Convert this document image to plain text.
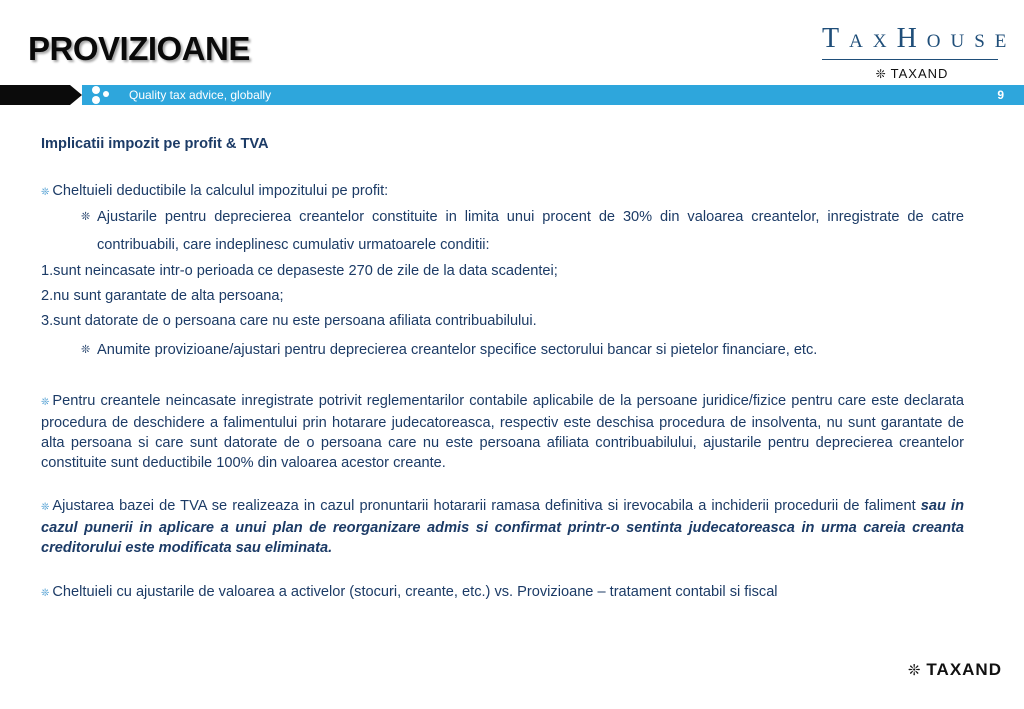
PROVIZIOANE	TAXHOUSE
❊ TAXAND
Quality tax advice, globally	9
Implicatii impozit pe profit & TVA
❊ Cheltuieli deductibile la calculul impozitului pe profit:
❊ Ajustarile pentru deprecierea creantelor constituite in limita unui procent de 30% din valoarea creantelor, inregistrate de catre contribuabili, care indeplinesc cumulativ urmatoarele conditii:
1.sunt neincasate intr-o perioada ce depaseste 270 de zile de la data scadentei;
2.nu sunt garantate de alta persoana;
3.sunt datorate de o persoana care nu este persoana afiliata contribuabilului.
❊ Anumite provizioane/ajustari pentru deprecierea creantelor specifice sectorului bancar si pietelor financiare, etc.
❊ Pentru creantele neincasate inregistrate potrivit reglementarilor contabile aplicabile de la persoane juridice/fizice pentru care este declarata procedura de deschidere a falimentului prin hotarare judecatoreasca, respectiv este deschisa procedura de insolventa, nu sunt garantate de alta persoana si care sunt datorate de o persoana care nu este persoana afiliata contribuabilului, ajustarile pentru deprecierea creantelor constituite sunt deductibile 100% din valoarea acestor creante.
❊ Ajustarea bazei de TVA se realizeaza in cazul pronuntarii hotararii ramasa definitiva si irevocabila a inchiderii procedurii de faliment sau in cazul punerii in aplicare a unui plan de reorganizare admis si confirmat printr-o sentinta judecatoreasca in urma careia creanta creditorului este modificata sau eliminata.
❊ Cheltuieli cu ajustarile de valoarea a activelor (stocuri, creante, etc.) vs. Provizioane – tratament contabil si fiscal
❊ TAXAND
